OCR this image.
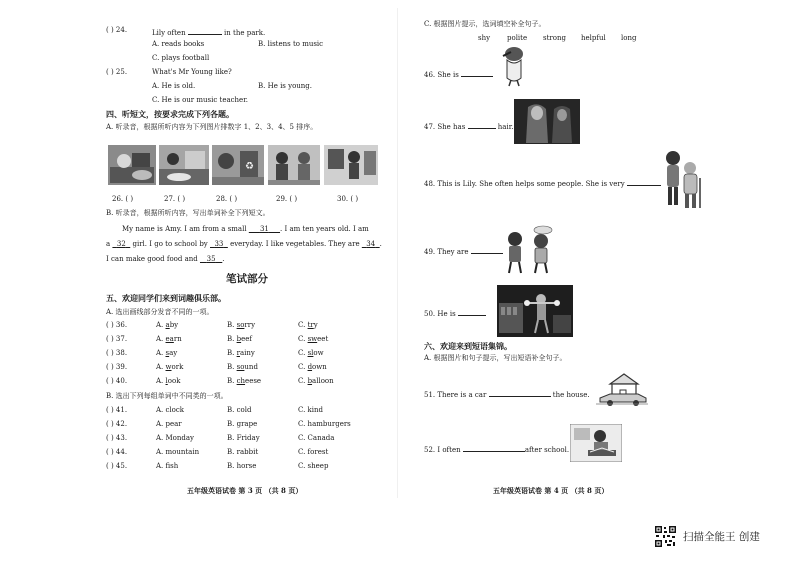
( ) 24.	Lily often	in the park.
A. reads books	B. listens to music
C. plays football
( ) 25.	What's Mr Young like?
A. He is old.	B. He is young.
C. He is our music teacher.
四、听短文，按要求完成下列各题。
A. 听录音，根据所听内容为下列图片排数字 1、2、3、4、5 排序。
♻
26. ( )	27. ( )	28. ( )	29. ( )	30. ( )
B. 听录音，根据所听内容，写出单词补全下列短文。
My name is Amy. I am from a small 31 . I am ten years old. I am
a 32 girl. I go to school by 33 everyday. I like vegetables. They are 34 .
I can make good food and 35 .
笔试部分
五、欢迎同学们来到词趣俱乐部。
A. 选出画线部分发音不同的一项。
( ) 36.	A. aby	B. sorry	C. try
( ) 37.	A. earn	B. beef	C. sweet
( ) 38.	A. say	B. rainy	C. slow
( ) 39.	A. work	B. sound	C. down
( ) 40.	A. look	B. cheese	C. balloon
B. 选出下列每组单词中不同类的一项。
( ) 41.	A. clock	B. cold	C. kind
( ) 42.	A. pear	B. grape	C. hamburgers
( ) 43.	A. Monday	B. Friday	C. Canada
( ) 44.	A. mountain	B. rabbit	C. forest
( ) 45.	A. fish	B. horse	C. sheep
五年级英语试卷 第 3 页 （共 8 页）
C. 根据图片提示，选词填空补全句子。
shy polite strong helpful long
46. She is
47. She has	hair.
48. This is Lily. She often helps some people. She is very
49. They are
50. He is
六、欢迎来到短语集锦。
A. 根据图片和句子提示，写出短语补全句子。
51. There is a car	the house.
52. I often	after school.
五年级英语试卷 第 4 页 （共 8 页）
扫描全能王 创建
